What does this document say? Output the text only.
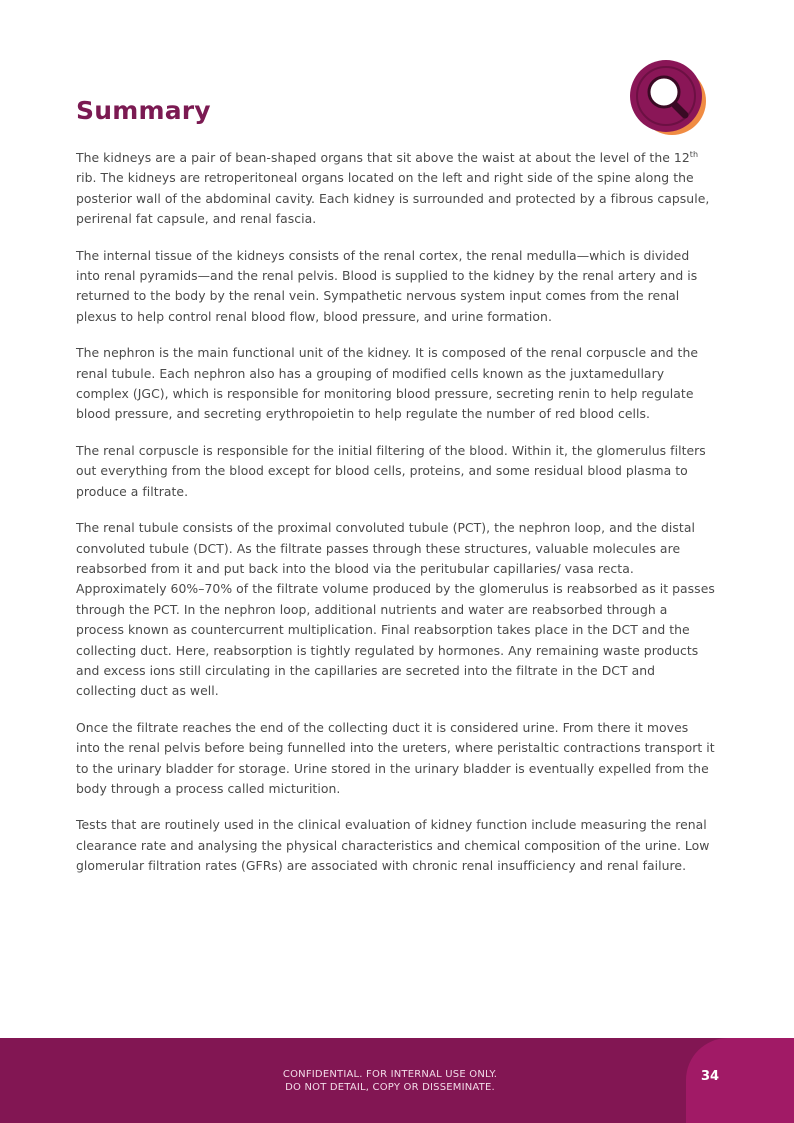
Summary

The kidneys are a pair of bean-shaped organs that sit above the waist at about the level of the 12th rib. The kidneys are retroperitoneal organs located on the left and right side of the spine along the posterior wall of the abdominal cavity. Each kidney is surrounded and protected by a fibrous capsule, perirenal fat capsule, and renal fascia.

The internal tissue of the kidneys consists of the renal cortex, the renal medulla—which is divided into renal pyramids—and the renal pelvis. Blood is supplied to the kidney by the renal artery and is returned to the body by the renal vein. Sympathetic nervous system input comes from the renal plexus to help control renal blood flow, blood pressure, and urine formation.

The nephron is the main functional unit of the kidney. It is composed of the renal corpuscle and the renal tubule. Each nephron also has a grouping of modified cells known as the juxtamedullary complex (JGC), which is responsible for monitoring blood pressure, secreting renin to help regulate blood pressure, and secreting erythropoietin to help regulate the number of red blood cells.

The renal corpuscle is responsible for the initial filtering of the blood. Within it, the glomerulus filters out everything from the blood except for blood cells, proteins, and some residual blood plasma to produce a filtrate.

The renal tubule consists of the proximal convoluted tubule (PCT), the nephron loop, and the distal convoluted tubule (DCT). As the filtrate passes through these structures, valuable molecules are reabsorbed from it and put back into the blood via the peritubular capillaries/ vasa recta. Approximately 60%–70% of the filtrate volume produced by the glomerulus is reabsorbed as it passes through the PCT. In the nephron loop, additional nutrients and water are reabsorbed through a process known as countercurrent multiplication. Final reabsorption takes place in the DCT and the collecting duct. Here, reabsorption is tightly regulated by hormones. Any remaining waste products and excess ions still circulating in the capillaries are secreted into the filtrate in the DCT and collecting duct as well.

Once the filtrate reaches the end of the collecting duct it is considered urine. From there it moves into the renal pelvis before being funnelled into the ureters, where peristaltic contractions transport it to the urinary bladder for storage. Urine stored in the urinary bladder is eventually expelled from the body through a process called micturition.

Tests that are routinely used in the clinical evaluation of kidney function include measuring the renal clearance rate and analysing the physical characteristics and chemical composition of the urine. Low glomerular filtration rates (GFRs) are associated with chronic renal insufficiency and renal failure.

CONFIDENTIAL. FOR INTERNAL USE ONLY.
DO NOT DETAIL, COPY OR DISSEMINATE.
34
